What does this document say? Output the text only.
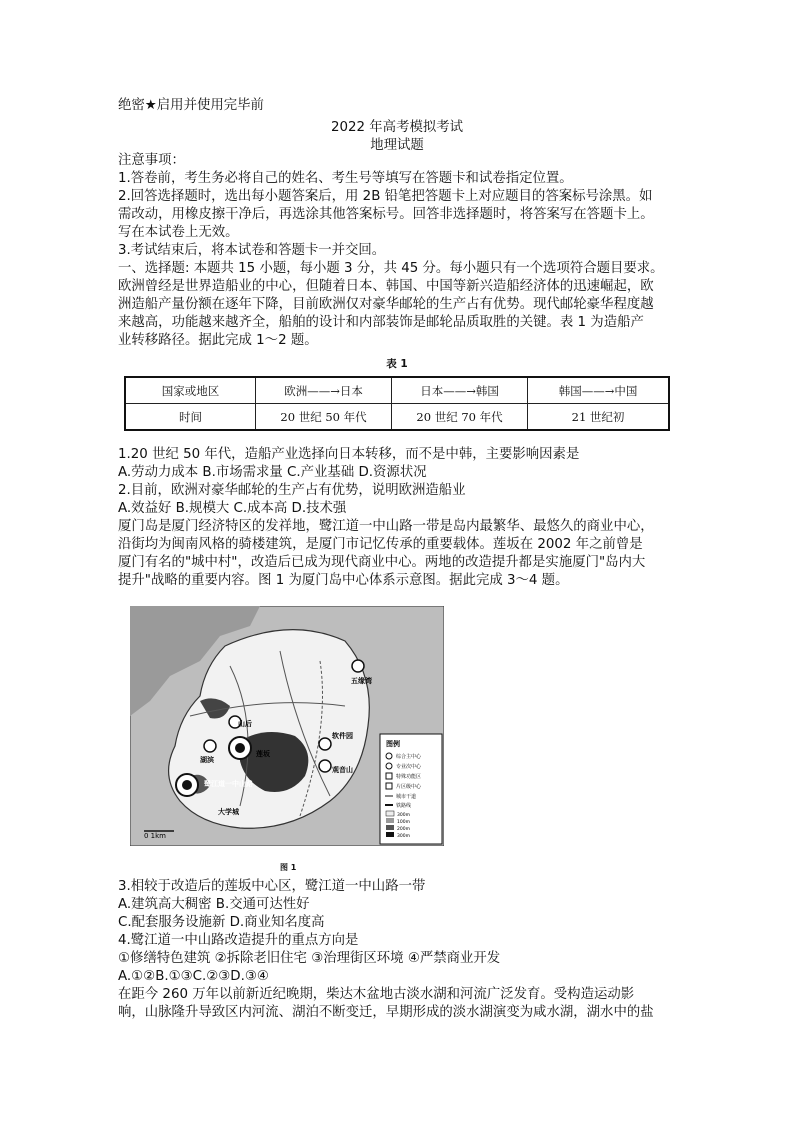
绝密★启用并使用完毕前
2022 年高考模拟考试
地理试题
注意事项：
1.答卷前，考生务必将自己的姓名、考生号等填写在答题卡和试卷指定位置。
2.回答选择题时，选出每小题答案后，用 2B 铅笔把答题卡上对应题目的答案标号涂黑。如
需改动，用橡皮擦干净后，再选涂其他答案标号。回答非选择题时，将答案写在答题卡上。
写在本试卷上无效。
3.考试结束后，将本试卷和答题卡一并交回。
一、选择题: 本题共 15 小题，每小题 3 分，共 45 分。每小题只有一个选项符合题目要求。
欧洲曾经是世界造船业的中心，但随着日本、韩国、中国等新兴造船经济体的迅速崛起，欧
洲造船产量份额在逐年下降，目前欧洲仅对豪华邮轮的生产占有优势。现代邮轮豪华程度越
来越高，功能越来越齐全，船舶的设计和内部装饰是邮轮品质取胜的关键。表 1 为造船产
业转移路径。据此完成 1～2 题。
表 1
国家或地区	欧洲——→日本	日本——→韩国	韩国——→中国
时间	20 世纪 50 年代	20 世纪 70 年代	21 世纪初
1.20 世纪 50 年代，造船产业选择向日本转移，而不是中韩，主要影响因素是
A.劳动力成本 B.市场需求量 C.产业基础 D.资源状况
2.目前，欧洲对豪华邮轮的生产占有优势，说明欧洲造船业
A.效益好 B.规模大 C.成本高 D.技术强
厦门岛是厦门经济特区的发祥地，鹭江道一中山路一带是岛内最繁华、最悠久的商业中心，
沿街均为闽南风格的骑楼建筑，是厦门市记忆传承的重要载体。莲坂在 2002 年之前曾是
厦门有名的"城中村"，改造后已成为现代商业中心。两地的改造提升都是实施厦门"岛内大
提升"战略的重要内容。图 1 为厦门岛中心体系示意图。据此完成 3～4 题。
五缘湾
山后
湖滨
莲坂
软件园
观音山
鹭江道一中山路
大学城
0 1km
图例
综合主中心
专业次中心
特殊功能区
片区级中心
城市干道
铁路线
300m
100m
200m
300m
图 1
3.相较于改造后的莲坂中心区，鹭江道一中山路一带
A.建筑高大稠密 B.交通可达性好
C.配套服务设施新 D.商业知名度高
4.鹭江道一中山路改造提升的重点方向是
①修缮特色建筑 ②拆除老旧住宅 ③治理街区环境 ④严禁商业开发
A.①②B.①③C.②③D.③④
在距今 260 万年以前新近纪晚期，柴达木盆地古淡水湖和河流广泛发育。受构造运动影
响，山脉隆升导致区内河流、湖泊不断变迁，早期形成的淡水湖演变为咸水湖，湖水中的盐
